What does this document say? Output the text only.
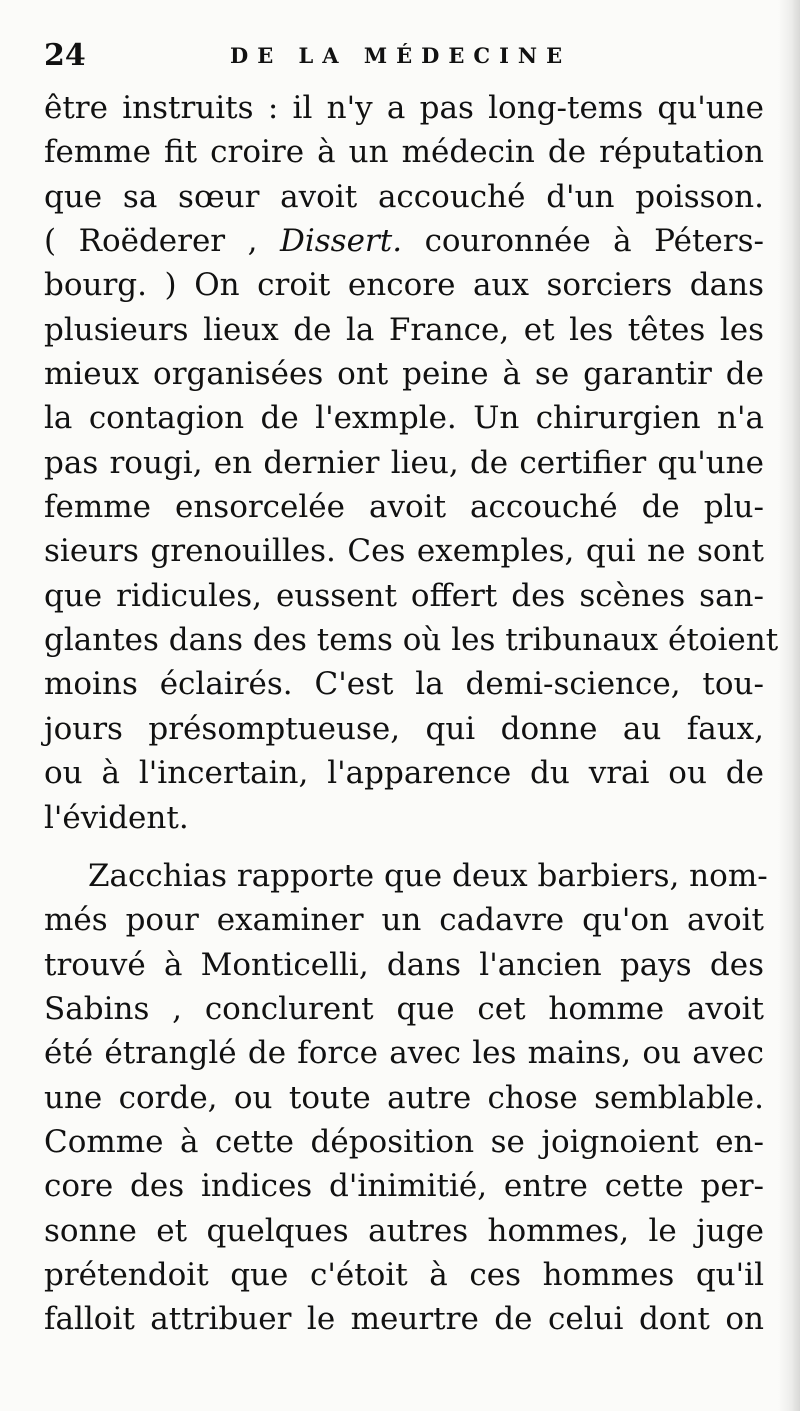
24	DE LA MÉDECINE
être instruits : il n'y a pas long-tems qu'une
femme fit croire à un médecin de réputation
que sa sœur avoit accouché d'un poisson.
( Roëderer , Dissert. couronnée à Péters-
bourg. ) On croit encore aux sorciers dans
plusieurs lieux de la France, et les têtes les
mieux organisées ont peine à se garantir de
la contagion de l'exmple. Un chirurgien n'a
pas rougi, en dernier lieu, de certifier qu'une
femme ensorcelée avoit accouché de plu-
sieurs grenouilles. Ces exemples, qui ne sont
que ridicules, eussent offert des scènes san-
glantes dans des tems où les tribunaux étoient
moins éclairés. C'est la demi-science, tou-
jours présomptueuse, qui donne au faux,
ou à l'incertain, l'apparence du vrai ou de
l'évident.
Zacchias rapporte que deux barbiers, nom-
més pour examiner un cadavre qu'on avoit
trouvé à Monticelli, dans l'ancien pays des
Sabins , conclurent que cet homme avoit
été étranglé de force avec les mains, ou avec
une corde, ou toute autre chose semblable.
Comme à cette déposition se joignoient en-
core des indices d'inimitié, entre cette per-
sonne et quelques autres hommes, le juge
prétendoit que c'étoit à ces hommes qu'il
falloit attribuer le meurtre de celui dont on
